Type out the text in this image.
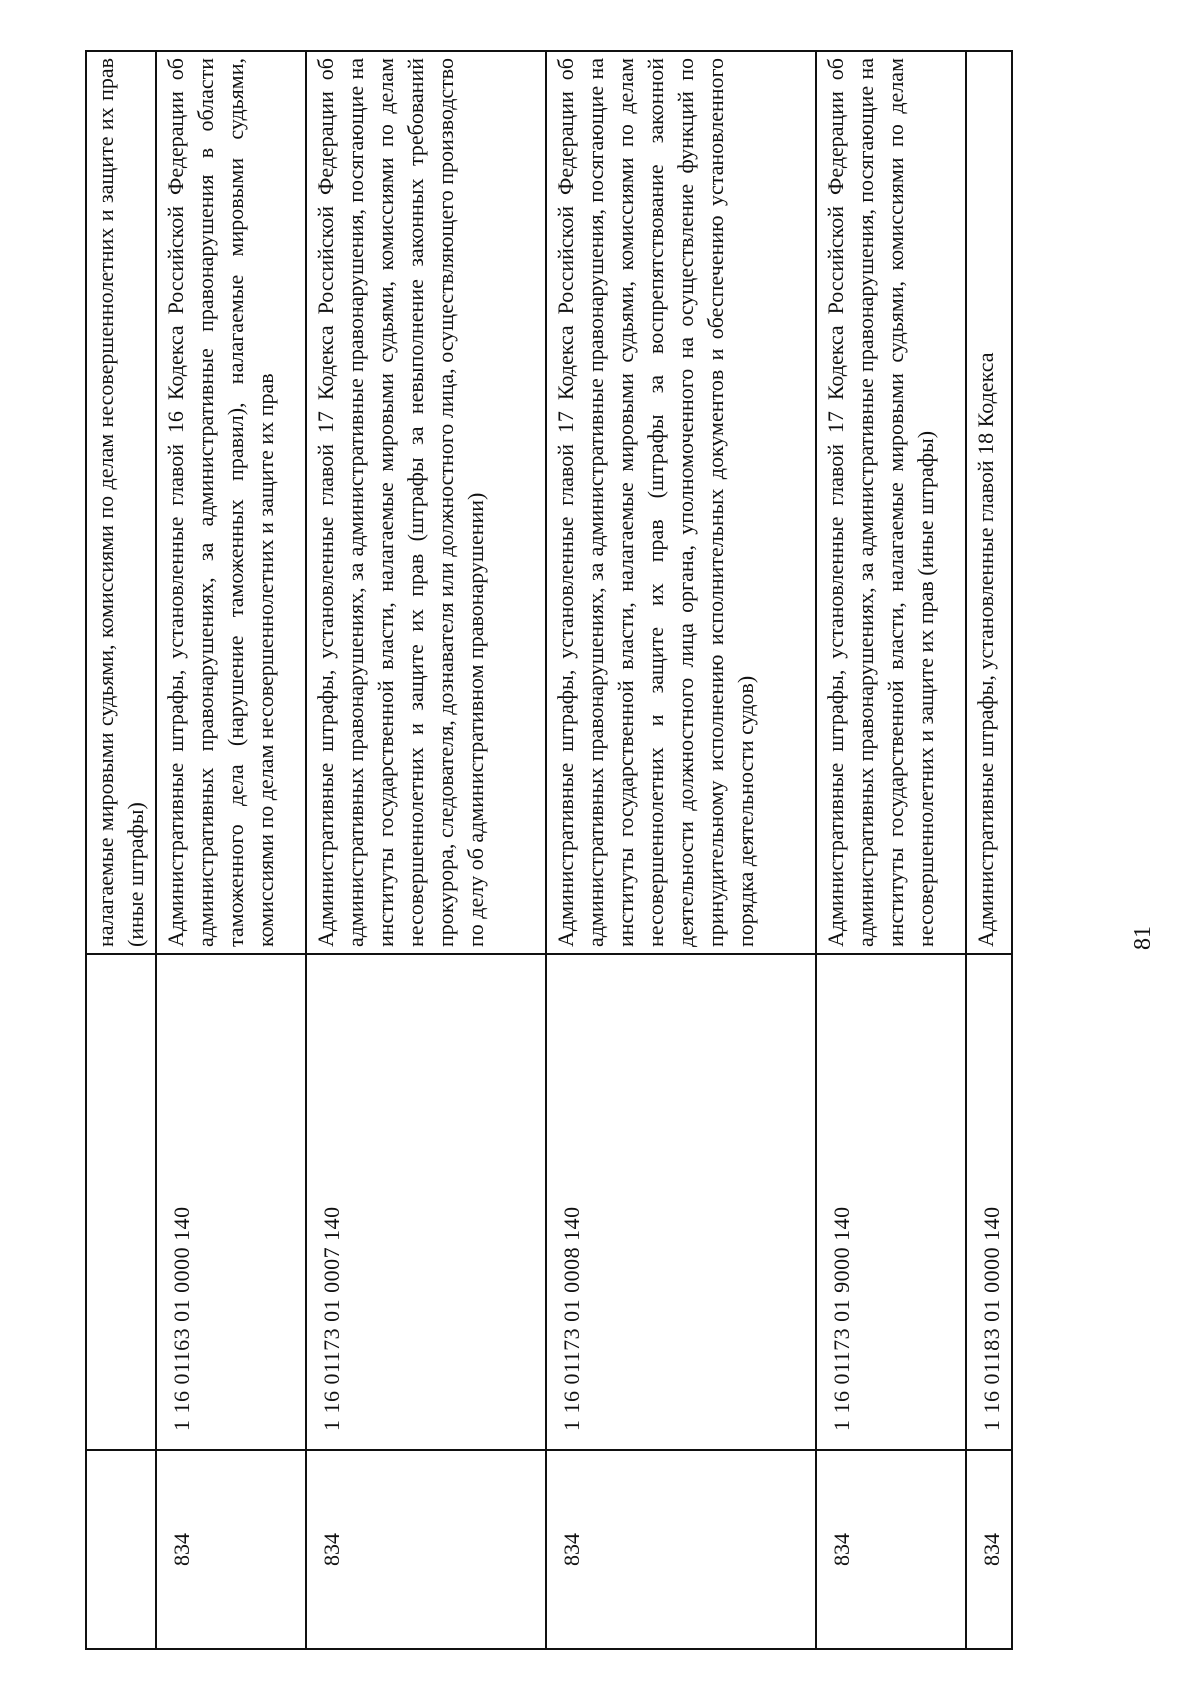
		налагаемые мировыми судьями, комиссиями по делам несовершеннолетних и защите их прав (иные штрафы)

834	1 16 01163 01 0000 140	Административные штрафы, установленные главой 16 Кодекса Российской Федерации об административных правонарушениях, за административные правонарушения в области таможенного дела (нарушение таможенных правил), налагаемые мировыми судьями, комиссиями по делам несовершеннолетних и защите их прав

834	1 16 01173 01 0007 140	Административные штрафы, установленные главой 17 Кодекса Российской Федерации об административных правонарушениях, за административные правонарушения, посягающие на институты государственной власти, налагаемые мировыми судьями, комиссиями по делам несовершеннолетних и защите их прав (штрафы за невыполнение законных требований прокурора, следователя, дознавателя или должностного лица, осуществляющего производство по делу об административном правонарушении)

834	1 16 01173 01 0008 140	Административные штрафы, установленные главой 17 Кодекса Российской Федерации об административных правонарушениях, за административные правонарушения, посягающие на институты государственной власти, налагаемые мировыми судьями, комиссиями по делам несовершеннолетних и защите их прав (штрафы за воспрепятствование законной деятельности должностного лица органа, уполномоченного на осуществление функций по принудительному исполнению исполнительных документов и обеспечению установленного порядка деятельности судов)

834	1 16 01173 01 9000 140	Административные штрафы, установленные главой 17 Кодекса Российской Федерации об административных правонарушениях, за административные правонарушения, посягающие на институты государственной власти, налагаемые мировыми судьями, комиссиями по делам несовершеннолетних и защите их прав (иные штрафы)

834	1 16 01183 01 0000 140	Административные штрафы, установленные главой 18 Кодекса	81
